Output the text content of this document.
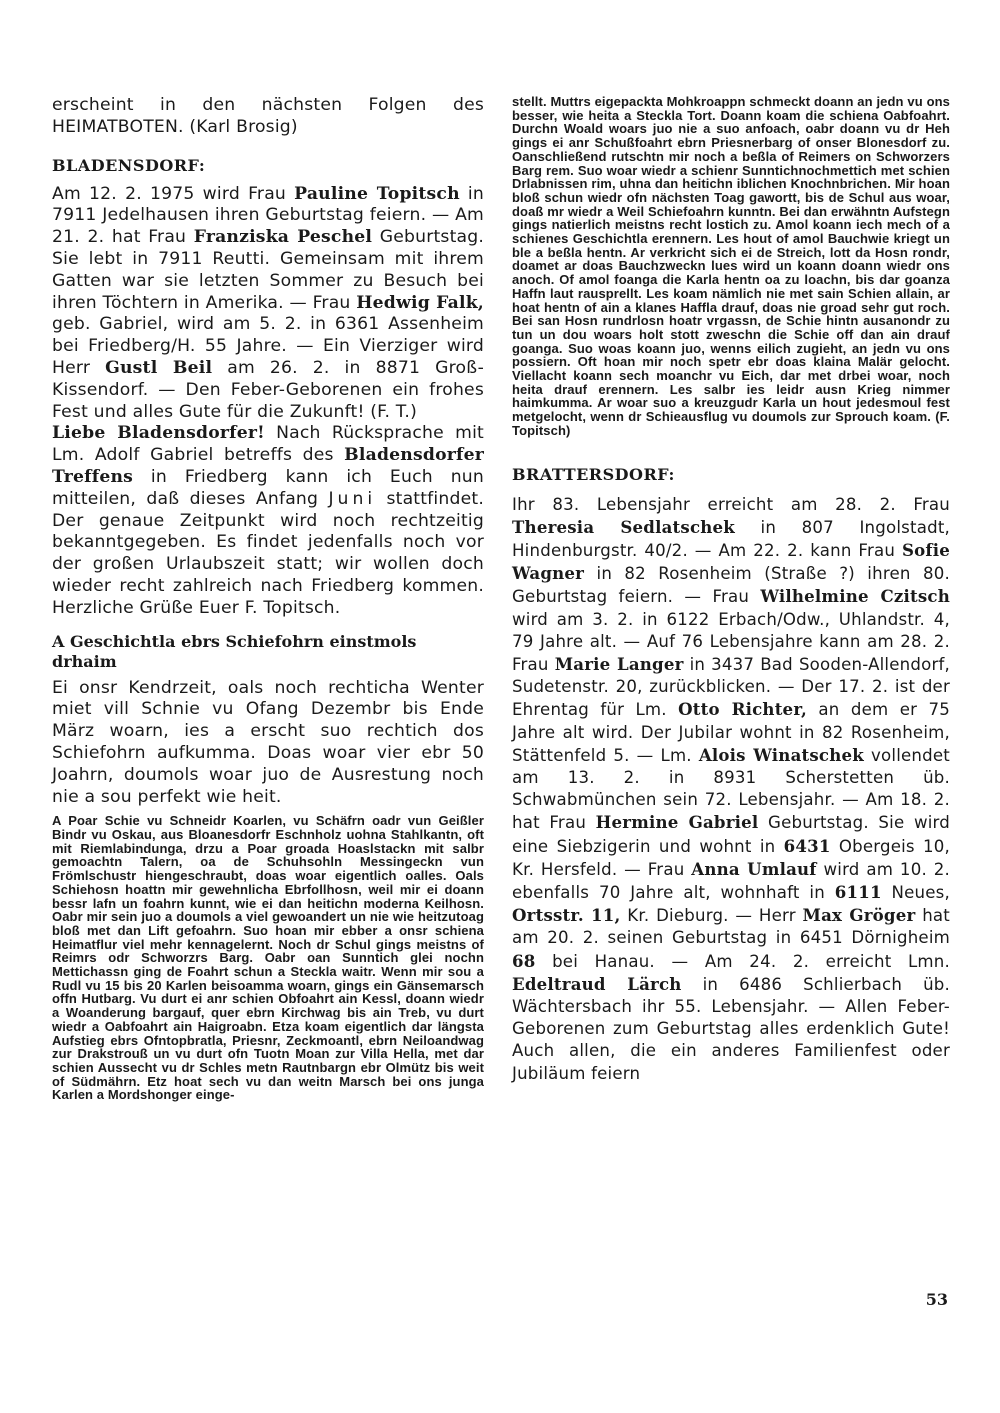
erscheint in den nächsten Folgen des HEIMATBOTEN. (Karl Brosig)

BLADENSDORF:

Am 12. 2. 1975 wird Frau Pauline Topitsch in 7911 Jedelhausen ihren Geburtstag feiern. — Am 21. 2. hat Frau Franziska Peschel Geburtstag. Sie lebt in 7911 Reutti. Gemeinsam mit ihrem Gatten war sie letzten Sommer zu Besuch bei ihren Töchtern in Amerika. — Frau Hedwig Falk, geb. Gabriel, wird am 5. 2. in 6361 Assenheim bei Friedberg/H. 55 Jahre. — Ein Vierziger wird Herr Gustl Beil am 26. 2. in 8871 Groß-Kissendorf. — Den Feber-Geborenen ein frohes Fest und alles Gute für die Zukunft! (F. T.)

Liebe Bladensdorfer! Nach Rücksprache mit Lm. Adolf Gabriel betreffs des Bladensdorfer Treffens in Friedberg kann ich Euch nun mitteilen, daß dieses Anfang Juni stattfindet. Der genaue Zeitpunkt wird noch rechtzeitig bekanntgegeben. Es findet jedenfalls noch vor der großen Urlaubszeit statt; wir wollen doch wieder recht zahlreich nach Friedberg kommen. Herzliche Grüße Euer F. Topitsch.

A Geschichtla ebrs Schiefohrn einstmols drhaim

Ei onsr Kendrzeit, oals noch rechticha Wenter miet vill Schnie vu Ofang Dezembr bis Ende März woarn, ies a erscht suo rechtich dos Schiefohrn aufkumma. Doas woar vier ebr 50 Joahrn, doumols woar juo de Ausrestung noch nie a sou perfekt wie heit.

A Poar Schie vu Schneidr Koarlen, vu Schäfrn oadr vun Geißler Bindr vu Oskau, aus Bloanesdorfr Eschnholz uohna Stahlkantn, oft mit Riemlabindunga, drzu a Poar groada Hoaslstackn mit salbr gemoachtn Talern, oa de Schuhsohln Messingeckn vun Frömlschustr hiengeschraubt, doas woar eigentlich oalles. Oals Schiehosn hoattn mir gewehnlicha Ebrfollhosn, weil mir ei doann bessr lafn un foahrn kunnt, wie ei dan heitichn moderna Keilhosn. Oabr mir sein juo a doumols a viel gewoandert un nie wie heitzutoag bloß met dan Lift gefoahrn. Suo hoan mir ebber a onsr schiena Heimatflur viel mehr kennagelernt. Noch dr Schul gings meistns of Reimrs odr Schworzrs Barg. Oabr oan Sunntich glei nochn Mettichassn ging de Foahrt schun a Steckla waitr. Wenn mir sou a Rudl vu 15 bis 20 Karlen beisoamma woarn, gings ein Gänsemarsch offn Hutbarg. Vu durt ei anr schien Obfoahrt ain Kessl, doann wiedr a Woanderung bargauf, quer ebrn Kirchwag bis ain Treb, vu durt wiedr a Oabfoahrt ain Haigroabn. Etza koam eigentlich dar längsta Aufstieg ebrs Ofntopbratla, Priesnr, Zeckmoantl, ebrn Neiloandwag zur Drakstrouß un vu durt ofn Tuotn Moan zur Villa Hella, met dar schien Aussecht vu dr Schles metn Rautnbargn ebr Olmütz bis weit of Südmährn. Etz hoat sech vu dan weitn Marsch bei ons junga Karlen a Mordshonger einge-

stellt. Muttrs eigepackta Mohkroappn schmeckt doann an jedn vu ons besser, wie heita a Steckla Tort. Doann koam die schiena Oabfoahrt. Durchn Woald woars juo nie a suo anfoach, oabr doann vu dr Heh gings ei anr Schußfoahrt ebrn Priesnerbarg of onser Blonesdorf zu. Oanschließend rutschtn mir noch a beßla of Reimers on Schworzers Barg rem. Suo woar wiedr a schienr Sunntichnochmettich met schien Drlabnissen rim, uhna dan heitichn iblichen Knochnbrichen. Mir hoan bloß schun wiedr ofn nächsten Toag gawortt, bis de Schul aus woar, doaß mr wiedr a Weil Schiefoahrn kunntn. Bei dan erwähntn Aufstegn gings natierlich meistns recht lostich zu. Amol koann iech mech of a schienes Geschichtla erennern. Les hout of amol Bauchwie kriegt un ble a beßla hentn. Ar verkricht sich ei de Streich, lott da Hosn rondr, doamet ar doas Bauchzweckn lues wird un koann doann wiedr ons anoch. Of amol foanga die Karla hentn oa zu loachn, bis dar goanza Haffn laut rausprellt. Les koam nämlich nie met sain Schien allain, ar hoat hentn of ain a klanes Haffla drauf, doas nie groad sehr gut roch. Bei san Hosn rundrlosn hoatr vrgassn, de Schie hintn ausanondr zu tun un dou woars holt stott zweschn die Schie off dan ain drauf goanga. Suo woas koann juo, wenns eilich zugieht, an jedn vu ons possiern. Oft hoan mir noch spetr ebr doas klaina Malär gelocht. Viellacht koann sech moanchr vu Eich, dar met drbei woar, noch heita drauf erennern. Les salbr ies leidr ausn Krieg nimmer haimkumma. Ar woar suo a kreuzgudr Karla un hout jedesmoul fest metgelocht, wenn dr Schieausflug vu doumols zur Sprouch koam. (F. Topitsch)

BRATTERSDORF:

Ihr 83. Lebensjahr erreicht am 28. 2. Frau Theresia Sedlatschek in 807 Ingolstadt, Hindenburgstr. 40/2. — Am 22. 2. kann Frau Sofie Wagner in 82 Rosenheim (Straße ?) ihren 80. Geburtstag feiern. — Frau Wilhelmine Czitsch wird am 3. 2. in 6122 Erbach/Odw., Uhlandstr. 4, 79 Jahre alt. — Auf 76 Lebensjahre kann am 28. 2. Frau Marie Langer in 3437 Bad Sooden-Allendorf, Sudetenstr. 20, zurückblicken. — Der 17. 2. ist der Ehrentag für Lm. Otto Richter, an dem er 75 Jahre alt wird. Der Jubilar wohnt in 82 Rosenheim, Stättenfeld 5. — Lm. Alois Winatschek vollendet am 13. 2. in 8931 Scherstetten üb. Schwabmünchen sein 72. Lebensjahr. — Am 18. 2. hat Frau Hermine Gabriel Geburtstag. Sie wird eine Siebzigerin und wohnt in 6431 Obergeis 10, Kr. Hersfeld. — Frau Anna Umlauf wird am 10. 2. ebenfalls 70 Jahre alt, wohnhaft in 6111 Neues, Ortsstr. 11, Kr. Dieburg. — Herr Max Gröger hat am 20. 2. seinen Geburtstag in 6451 Dörnigheim 68 bei Hanau. — Am 24. 2. erreicht Lmn. Edeltraud Lärch in 6486 Schlierbach üb. Wächtersbach ihr 55. Lebensjahr. — Allen Feber-Geborenen zum Geburtstag alles erdenklich Gute! Auch allen, die ein anderes Familienfest oder Jubiläum feiern

53
